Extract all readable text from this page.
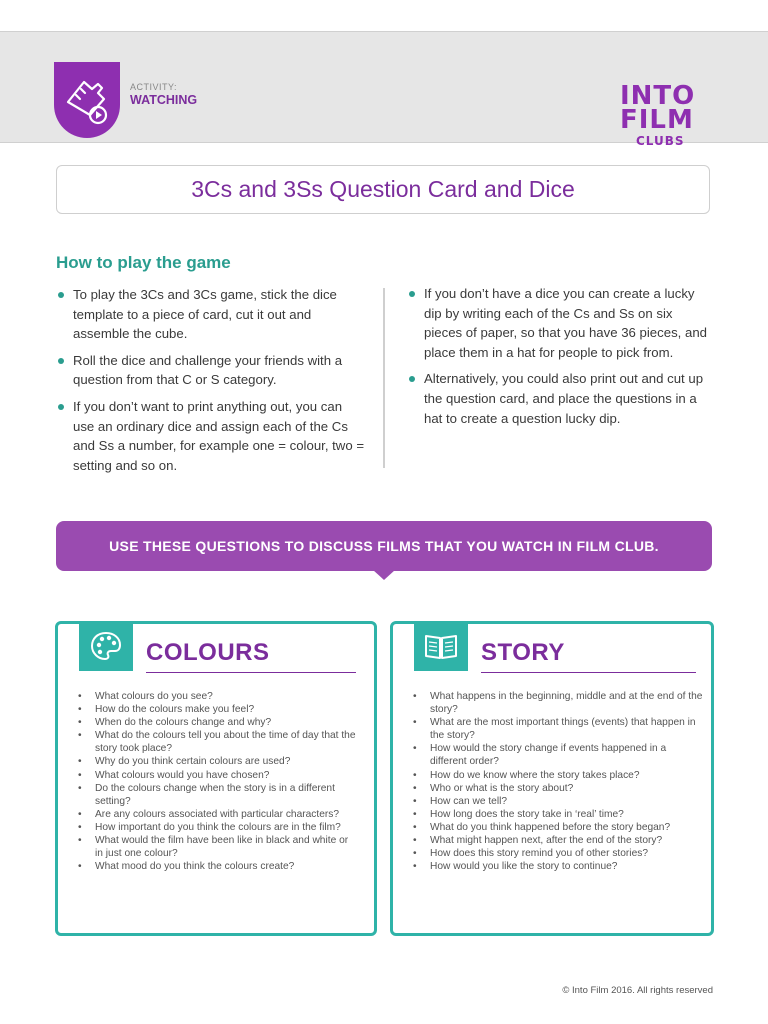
ACTIVITY:
WATCHING	INTO
FILM
CLUBS
3Cs and 3Ss Question Card and Dice
How to play the game
To play the 3Cs and 3Cs game, stick the dice template to a piece of card, cut it out and assemble the cube.
Roll the dice and challenge your friends with a question from that C or S category.
If you don’t want to print anything out, you can use an ordinary dice and assign each of the Cs and Ss a number, for example one = colour, two = setting and so on.
If you don’t have a dice you can create a lucky dip by writing each of the Cs and Ss on six pieces of paper, so that you have 36 pieces, and place them in a hat for people to pick from.
Alternatively, you could also print out and cut up the question card, and place the questions in a hat to create a question lucky dip.
USE THESE QUESTIONS TO DISCUSS FILMS THAT YOU WATCH IN FILM CLUB.
COLOURS
• What colours do you see?
• How do the colours make you feel?
• When do the colours change and why?
• What do the colours tell you about the time of day that the story took place?
• Why do you think certain colours are used?
• What colours would you have chosen?
• Do the colours change when the story is in a different setting?
• Are any colours associated with particular characters?
• How important do you think the colours are in the film?
• What would the film have been like in black and white or in just one colour?
• What mood do you think the colours create?
STORY
• What happens in the beginning, middle and at the end of the story?
• What are the most important things (events) that happen in the story?
• How would the story change if events happened in a different order?
• How do we know where the story takes place?
• Who or what is the story about?
• How can we tell?
• How long does the story take in ‘real’ time?
• What do you think happened before the story began?
• What might happen next, after the end of the story?
• How does this story remind you of other stories?
• How would you like the story to continue?
© Into Film 2016. All rights reserved
